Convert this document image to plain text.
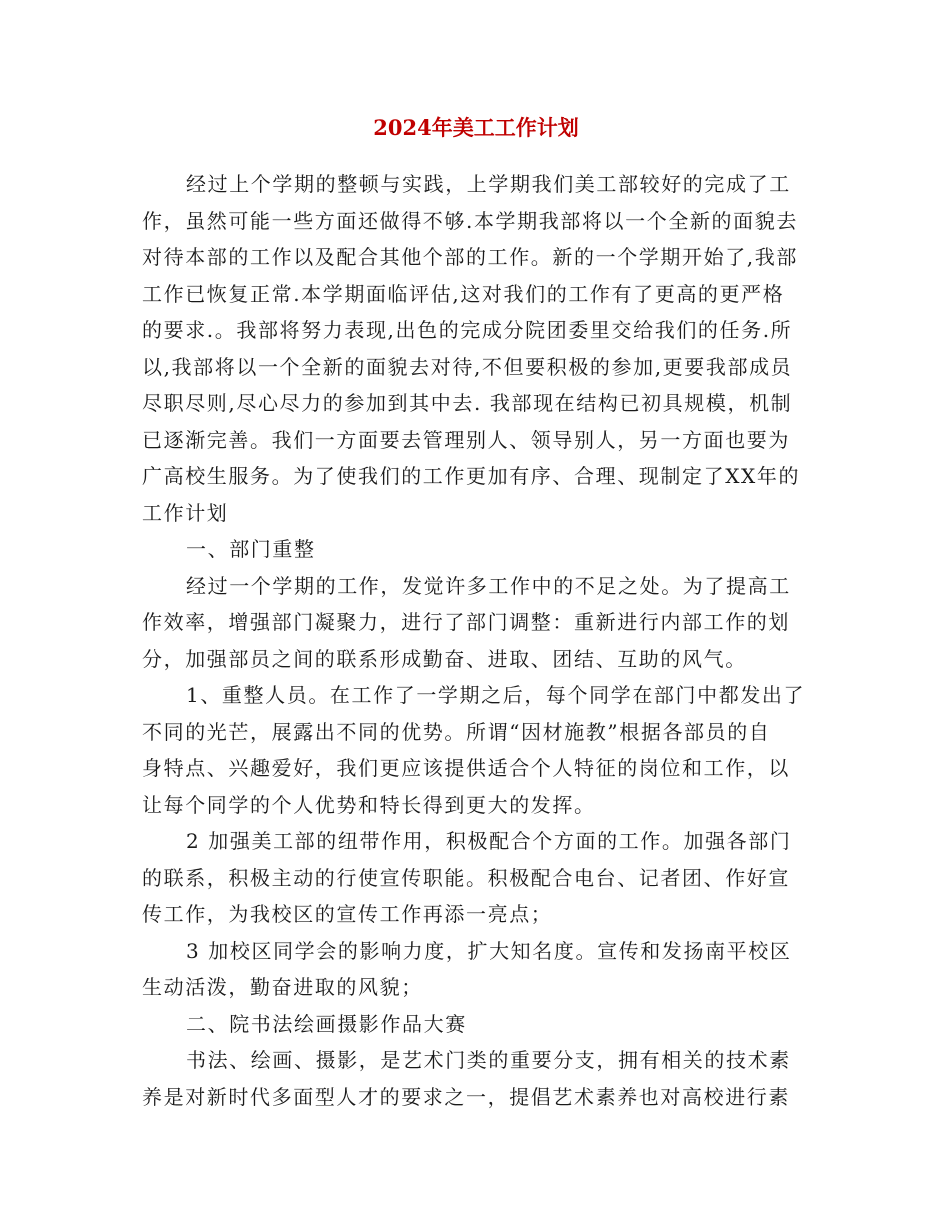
2024年美工工作计划

经过上个学期的整顿与实践，上学期我们美工部较好的完成了工
作，虽然可能一些方面还做得不够.本学期我部将以一个全新的面貌去
对待本部的工作以及配合其他个部的工作。新的一个学期开始了,我部
工作已恢复正常.本学期面临评估,这对我们的工作有了更高的更严格
的要求.。我部将努力表现,出色的完成分院团委里交给我们的任务.所
以,我部将以一个全新的面貌去对待,不但要积极的参加,更要我部成员
尽职尽则,尽心尽力的参加到其中去. 我部现在结构已初具规模，机制
已逐渐完善。我们一方面要去管理别人、领导别人，另一方面也要为
广高校生服务。为了使我们的工作更加有序、合理、现制定了XX年的
工作计划

一、部门重整

经过一个学期的工作，发觉许多工作中的不足之处。为了提高工
作效率，增强部门凝聚力，进行了部门调整：重新进行内部工作的划
分，加强部员之间的联系形成勤奋、进取、团结、互助的风气。

1、重整人员。在工作了一学期之后，每个同学在部门中都发出了
不同的光芒，展露出不同的优势。所谓“因材施教”根据各部员的自
身特点、兴趣爱好，我们更应该提供适合个人特征的岗位和工作，以
让每个同学的个人优势和特长得到更大的发挥。

2 加强美工部的纽带作用，积极配合个方面的工作。加强各部门
的联系，积极主动的行使宣传职能。积极配合电台、记者团、作好宣
传工作，为我校区的宣传工作再添一亮点；

3 加校区同学会的影响力度，扩大知名度。宣传和发扬南平校区
生动活泼，勤奋进取的风貌；

二、院书法绘画摄影作品大赛

书法、绘画、摄影，是艺术门类的重要分支，拥有相关的技术素
养是对新时代多面型人才的要求之一，提倡艺术素养也对高校进行素
